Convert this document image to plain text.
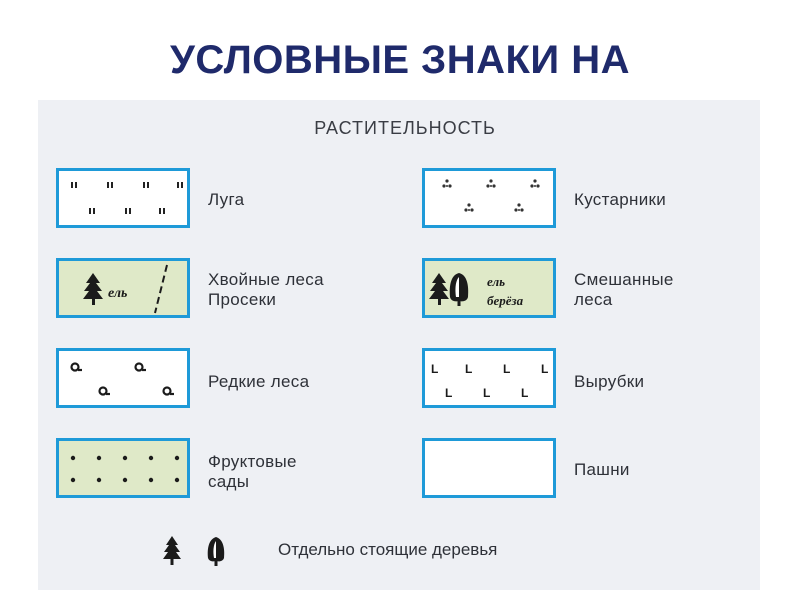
УСЛОВНЫЕ ЗНАКИ НА
РАСТИТЕЛЬНОСТЬ
Луга	Кустарники
ель
Хвойные леса
Просеки
ель
берёза
Смешанные
леса
Редкие леса
L L	L	L
L	L	L
Вырубки
Фруктовые
сады
Пашни
Отдельно стоящие деревья
